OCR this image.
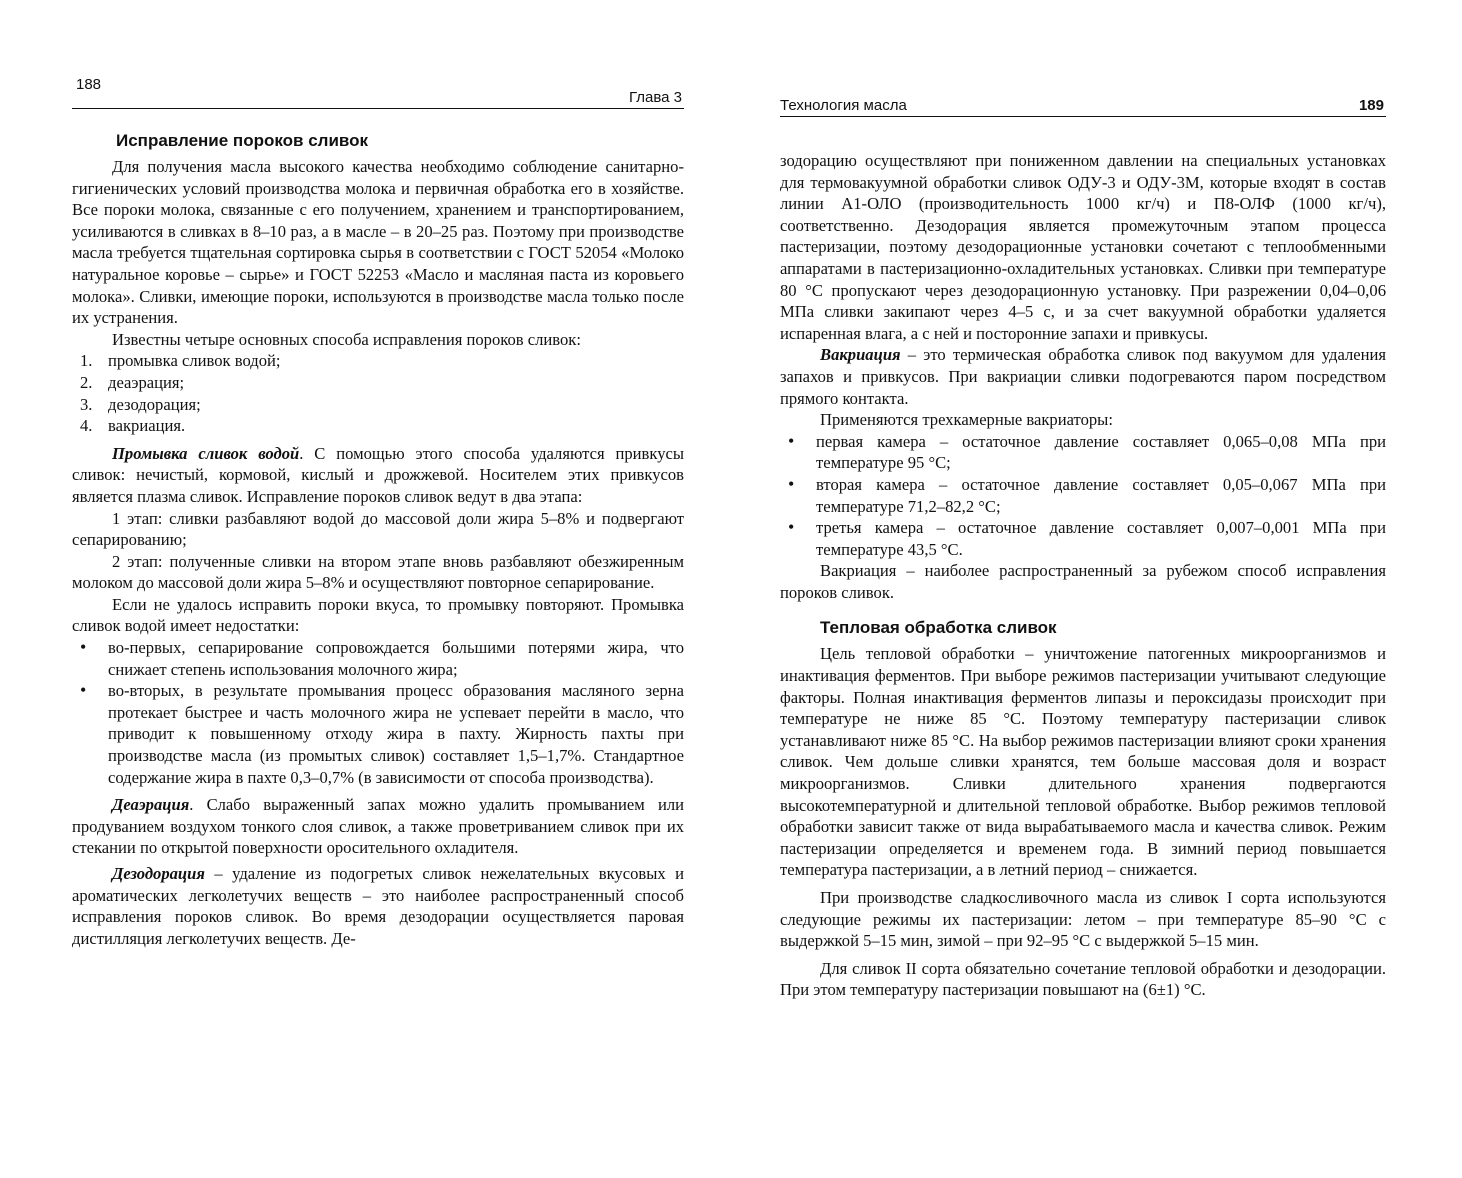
188
Глава 3
Исправление пороков сливок

Для получения масла высокого качества необходимо соблюдение санитарно-гигиенических условий производства молока и первичная обработка его в хозяйстве. Все пороки молока, связанные с его получением, хранением и транспортированием, усиливаются в сливках в 8–10 раз, а в масле – в 20–25 раз. Поэтому при производстве масла требуется тщательная сортировка сырья в соответствии с ГОСТ 52054 «Молоко натуральное коровье – сырье» и ГОСТ 52253 «Масло и масляная паста из коровьего молока». Сливки, имеющие пороки, используются в производстве масла только после их устранения.

Известны четыре основных способа исправления пороков сливок:

1. промывка сливок водой;
2. деаэрация;
3. дезодорация;
4. вакриация.

Промывка сливок водой. С помощью этого способа удаляются привкусы сливок: нечистый, кормовой, кислый и дрожжевой. Носителем этих привкусов является плазма сливок. Исправление пороков сливок ведут в два этапа:

1 этап: сливки разбавляют водой до массовой доли жира 5–8% и подвергают сепарированию;

2 этап: полученные сливки на втором этапе вновь разбавляют обезжиренным молоком до массовой доли жира 5–8% и осуществляют повторное сепарирование.

Если не удалось исправить пороки вкуса, то промывку повторяют. Промывка сливок водой имеет недостатки:

• во-первых, сепарирование сопровождается большими потерями жира, что снижает степень использования молочного жира;
• во-вторых, в результате промывания процесс образования масляного зерна протекает быстрее и часть молочного жира не успевает перейти в масло, что приводит к повышенному отходу жира в пахту. Жирность пахты при производстве масла (из промытых сливок) составляет 1,5–1,7%. Стандартное содержание жира в пахте 0,3–0,7% (в зависимости от способа производства).

Деаэрация. Слабо выраженный запах можно удалить промыванием или продуванием воздухом тонкого слоя сливок, а также проветриванием сливок при их стекании по открытой поверхности оросительного охладителя.

Дезодорация – удаление из подогретых сливок нежелательных вкусовых и ароматических легколетучих веществ – это наиболее распространенный способ исправления пороков сливок. Во время дезодорации осуществляется паровая дистилляция легколетучих веществ. Де-

Технология масла	189

зодорацию осуществляют при пониженном давлении на специальных установках для термовакуумной обработки сливок ОДУ-3 и ОДУ-3М, которые входят в состав линии А1-ОЛО (производительность 1000 кг/ч) и П8-ОЛФ (1000 кг/ч), соответственно. Дезодорация является промежуточным этапом процесса пастеризации, поэтому дезодорационные установки сочетают с теплообменными аппаратами в пастеризационно-охладительных установках. Сливки при температуре 80 °С пропускают через дезодорационную установку. При разрежении 0,04–0,06 МПа сливки закипают через 4–5 с, и за счет вакуумной обработки удаляется испаренная влага, а с ней и посторонние запахи и привкусы.

Вакриация – это термическая обработка сливок под вакуумом для удаления запахов и привкусов. При вакриации сливки подогреваются паром посредством прямого контакта.

Применяются трехкамерные вакриаторы:

• первая камера – остаточное давление составляет 0,065–0,08 МПа при температуре 95 °С;
• вторая камера – остаточное давление составляет 0,05–0,067 МПа при температуре 71,2–82,2 °С;
• третья камера – остаточное давление составляет 0,007–0,001 МПа при температуре 43,5 °С.

Вакриация – наиболее распространенный за рубежом способ исправления пороков сливок.

Тепловая обработка сливок

Цель тепловой обработки – уничтожение патогенных микроорганизмов и инактивация ферментов. При выборе режимов пастеризации учитывают следующие факторы. Полная инактивация ферментов липазы и пероксидазы происходит при температуре не ниже 85 °С. Поэтому температуру пастеризации сливок устанавливают ниже 85 °С. На выбор режимов пастеризации влияют сроки хранения сливок. Чем дольше сливки хранятся, тем больше массовая доля и возраст микроорганизмов. Сливки длительного хранения подвергаются высокотемпературной и длительной тепловой обработке. Выбор режимов тепловой обработки зависит также от вида вырабатываемого масла и качества сливок. Режим пастеризации определяется и временем года. В зимний период повышается температура пастеризации, а в летний период – снижается.

При производстве сладкосливочного масла из сливок I сорта используются следующие режимы их пастеризации: летом – при температуре 85–90 °С с выдержкой 5–15 мин, зимой – при 92–95 °С с выдержкой 5–15 мин.

Для сливок II сорта обязательно сочетание тепловой обработки и дезодорации. При этом температуру пастеризации повышают на (6±1) °С.
